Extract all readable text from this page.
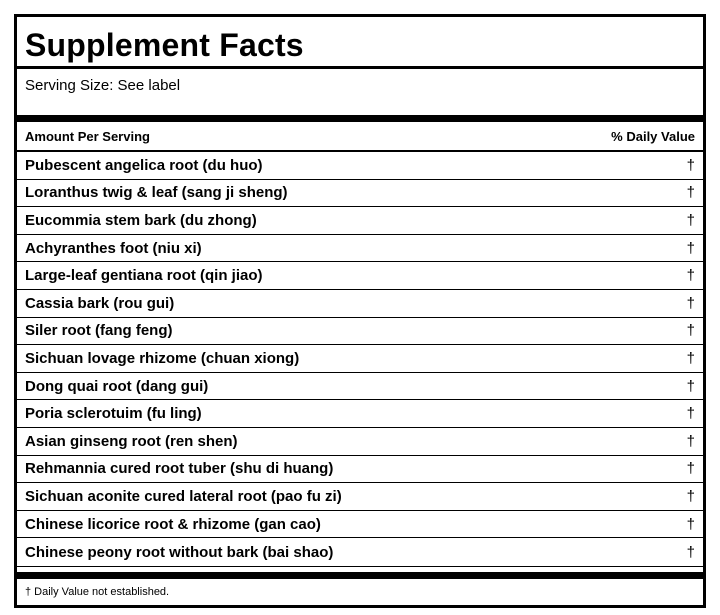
Supplement Facts
Serving Size: See label
Amount Per Serving	% Daily Value
Pubescent angelica root (du huo)	†
Loranthus twig & leaf (sang ji sheng)	†
Eucommia stem bark (du zhong)	†
Achyranthes foot (niu xi)	†
Large-leaf gentiana root (qin jiao)	†
Cassia bark (rou gui)	†
Siler root (fang feng)	†
Sichuan lovage rhizome (chuan xiong)	†
Dong quai root (dang gui)	†
Poria sclerotuim (fu ling)	†
Asian ginseng root (ren shen)	†
Rehmannia cured root tuber (shu di huang)	†
Sichuan aconite cured lateral root (pao fu zi)	†
Chinese licorice root & rhizome (gan cao)	†
Chinese peony root without bark (bai shao)	†
† Daily Value not established.
